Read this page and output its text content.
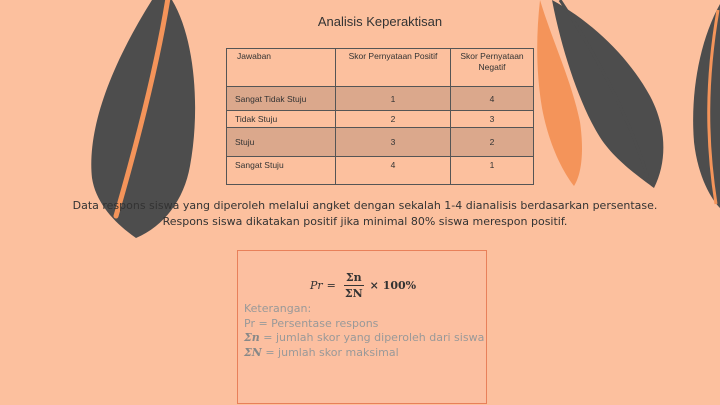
Analisis Keperaktisan
Jawaban	Skor Pernyataan Positif	Skor Pernyataan Negatif
Sangat Tidak Stuju	1	4
Tidak Stuju	2	3
Stuju	3	2
Sangat Stuju	4	1
Data respons siswa yang diperoleh melalui angket dengan sekalah 1-4 dianalisis berdasarkan persentase.
Respons siswa dikatakan positif jika minimal 80% siswa merespon positif.
$Pr = \frac{\Sigma n}{\Sigma N} \times 100\%$
Keterangan:
Pr = Persentase respons
Σn = jumlah skor yang diperoleh dari siswa
ΣN = jumlah skor maksimal
